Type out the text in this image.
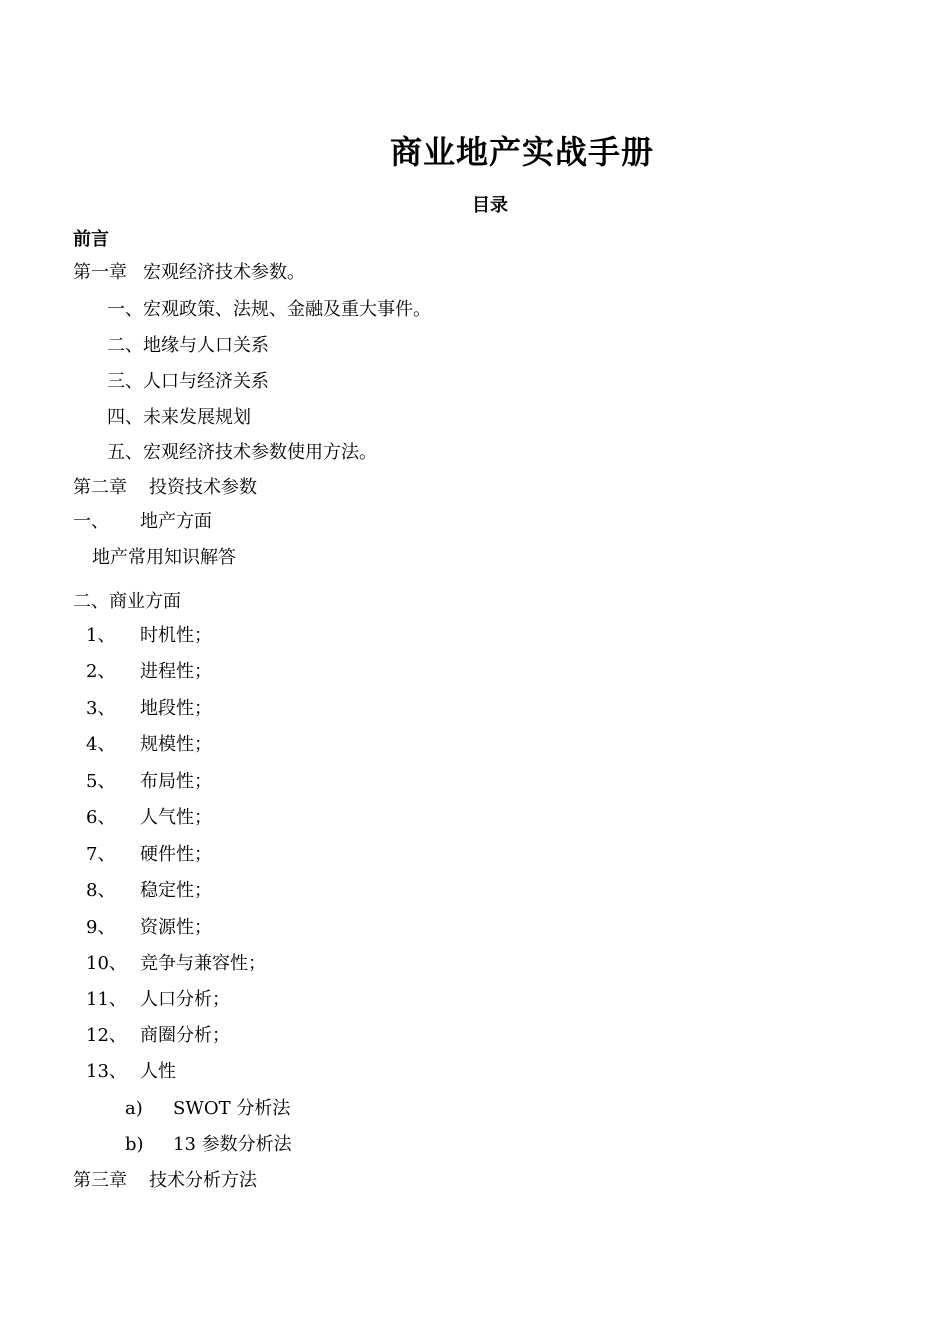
商业地产实战手册
目录
前言
第一章 宏观经济技术参数。
一、宏观政策、法规、金融及重大事件。
二、地缘与人口关系
三、人口与经济关系
四、未来发展规划
五、宏观经济技术参数使用方法。
第二章 投资技术参数
一、 地产方面
地产常用知识解答
二、商业方面
1、 时机性；
2、 进程性；
3、 地段性；
4、 规模性；
5、 布局性；
6、 人气性；
7、 硬件性；
8、 稳定性；
9、 资源性；
10、 竞争与兼容性；
11、 人口分析；
12、 商圈分析；
13、 人性
a) SWOT 分析法
b) 13 参数分析法
第三章 技术分析方法
